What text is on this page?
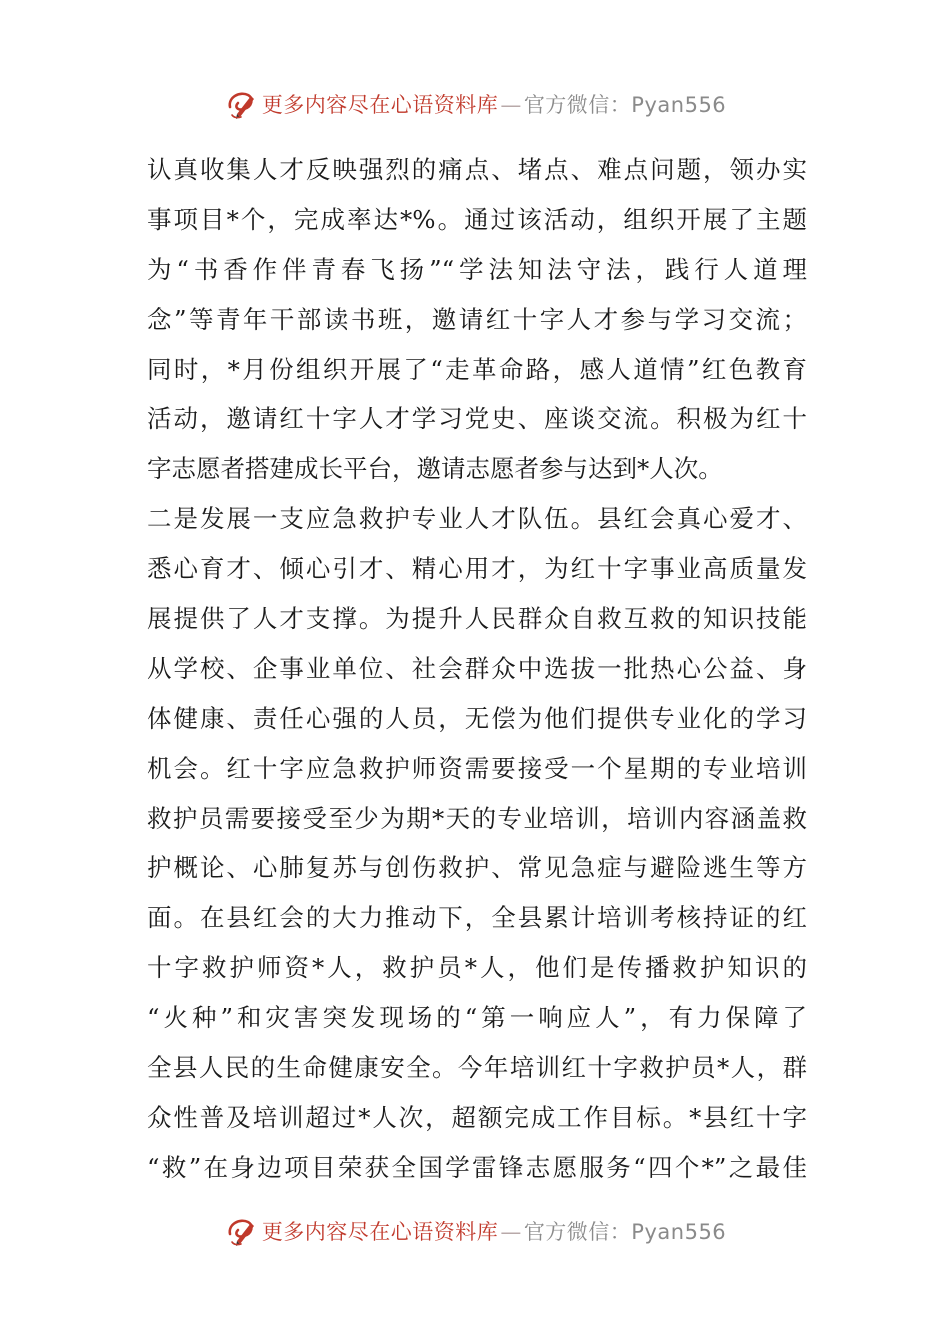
更多内容尽在心语资料库—官方微信：Pyan556
认真收集人才反映强烈的痛点、堵点、难点问题，领办实
事项目*个，完成率达*%。通过该活动，组织开展了主题
为“书香作伴青春飞扬”“学法知法守法，践行人道理
念”等青年干部读书班，邀请红十字人才参与学习交流；
同时，*月份组织开展了“走革命路，感人道情”红色教育
活动，邀请红十字人才学习党史、座谈交流。积极为红十
字志愿者搭建成长平台，邀请志愿者参与达到*人次。
二是发展一支应急救护专业人才队伍。县红会真心爱才、
悉心育才、倾心引才、精心用才，为红十字事业高质量发
展提供了人才支撑。为提升人民群众自救互救的知识技能
从学校、企事业单位、社会群众中选拔一批热心公益、身
体健康、责任心强的人员，无偿为他们提供专业化的学习
机会。红十字应急救护师资需要接受一个星期的专业培训
救护员需要接受至少为期*天的专业培训，培训内容涵盖救
护概论、心肺复苏与创伤救护、常见急症与避险逃生等方
面。在县红会的大力推动下，全县累计培训考核持证的红
十字救护师资*人，救护员*人，他们是传播救护知识的
“火种”和灾害突发现场的“第一响应人”，有力保障了
全县人民的生命健康安全。今年培训红十字救护员*人，群
众性普及培训超过*人次，超额完成工作目标。*县红十字
“救”在身边项目荣获全国学雷锋志愿服务“四个*”之最佳
更多内容尽在心语资料库—官方微信：Pyan556
